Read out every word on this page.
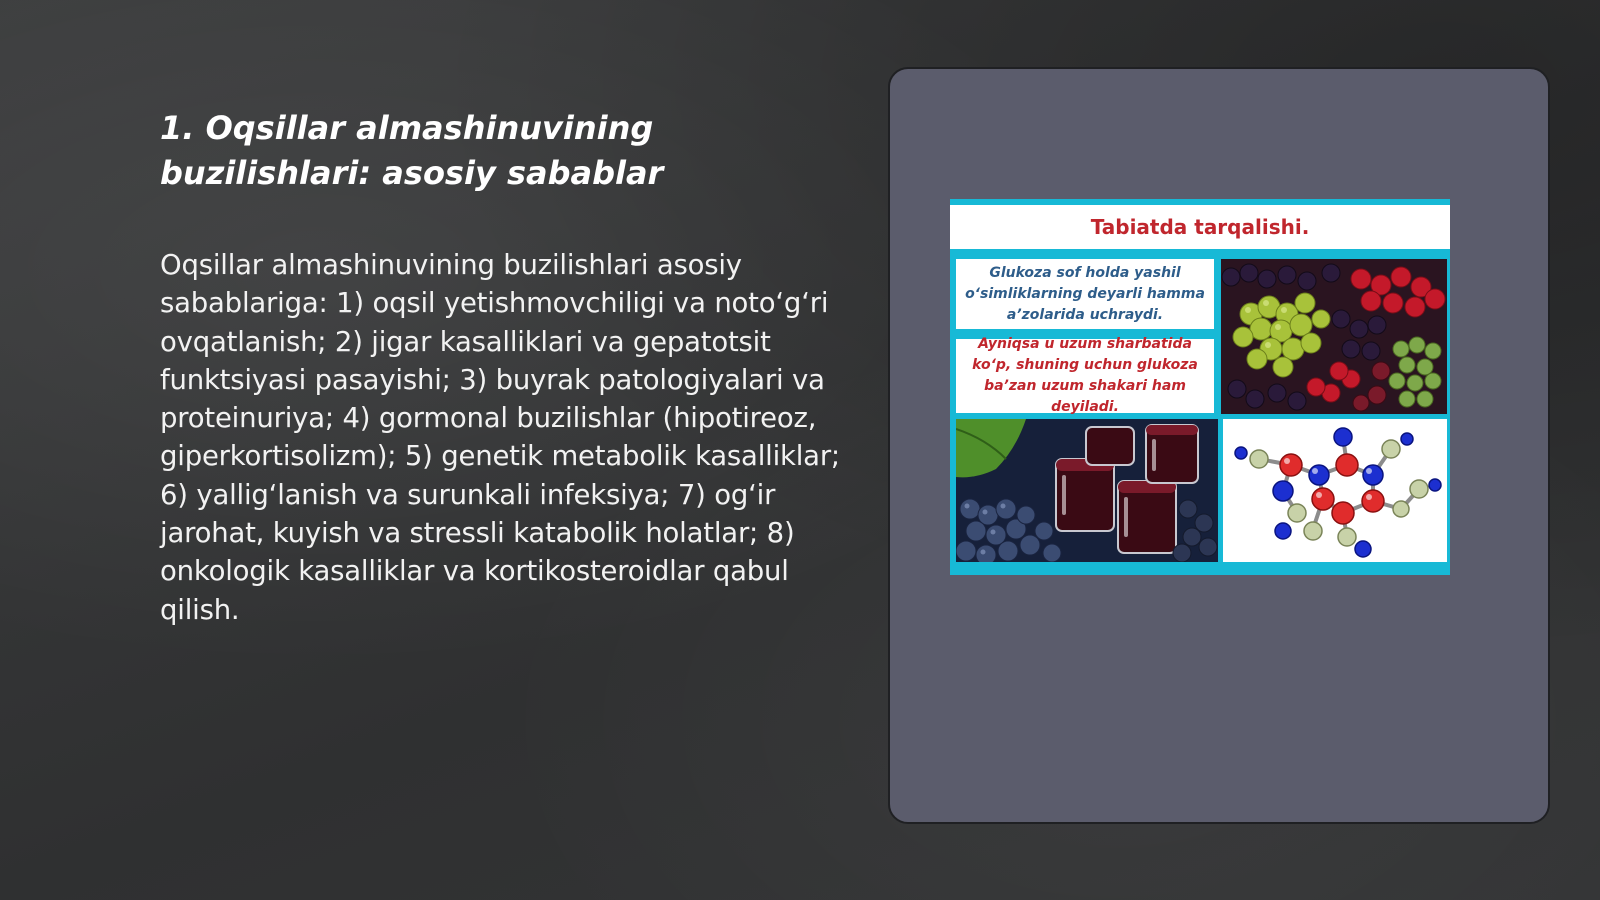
1. Oqsillar almashinuvining buzilishlari: asosiy sabablar
Oqsillar almashinuvining buzilishlari asosiy sabablariga: 1) oqsil yetishmovchiligi va noto‘g‘ri ovqatlanish; 2) jigar kasalliklari va gepatotsit funktsiyasi pasayishi; 3) buyrak patologiyalari va proteinuriya; 4) gormonal buzilishlar (hipotireoz, giperkortisolizm); 5) genetik metabolik kasalliklar; 6) yallig‘lanish va surunkali infeksiya; 7) og‘ir jarohat, kuyish va stressli katabolik holatlar; 8) onkologik kasalliklar va kortikosteroidlar qabul qilish.
Tabiatda tarqalishi.
Glukoza sof holda yashil o‘simliklarning deyarli hamma a’zolarida uchraydi.
Ayniqsa u uzum sharbatida ko‘p, shuning uchun glukoza ba’zan uzum shakari ham deyiladi.
